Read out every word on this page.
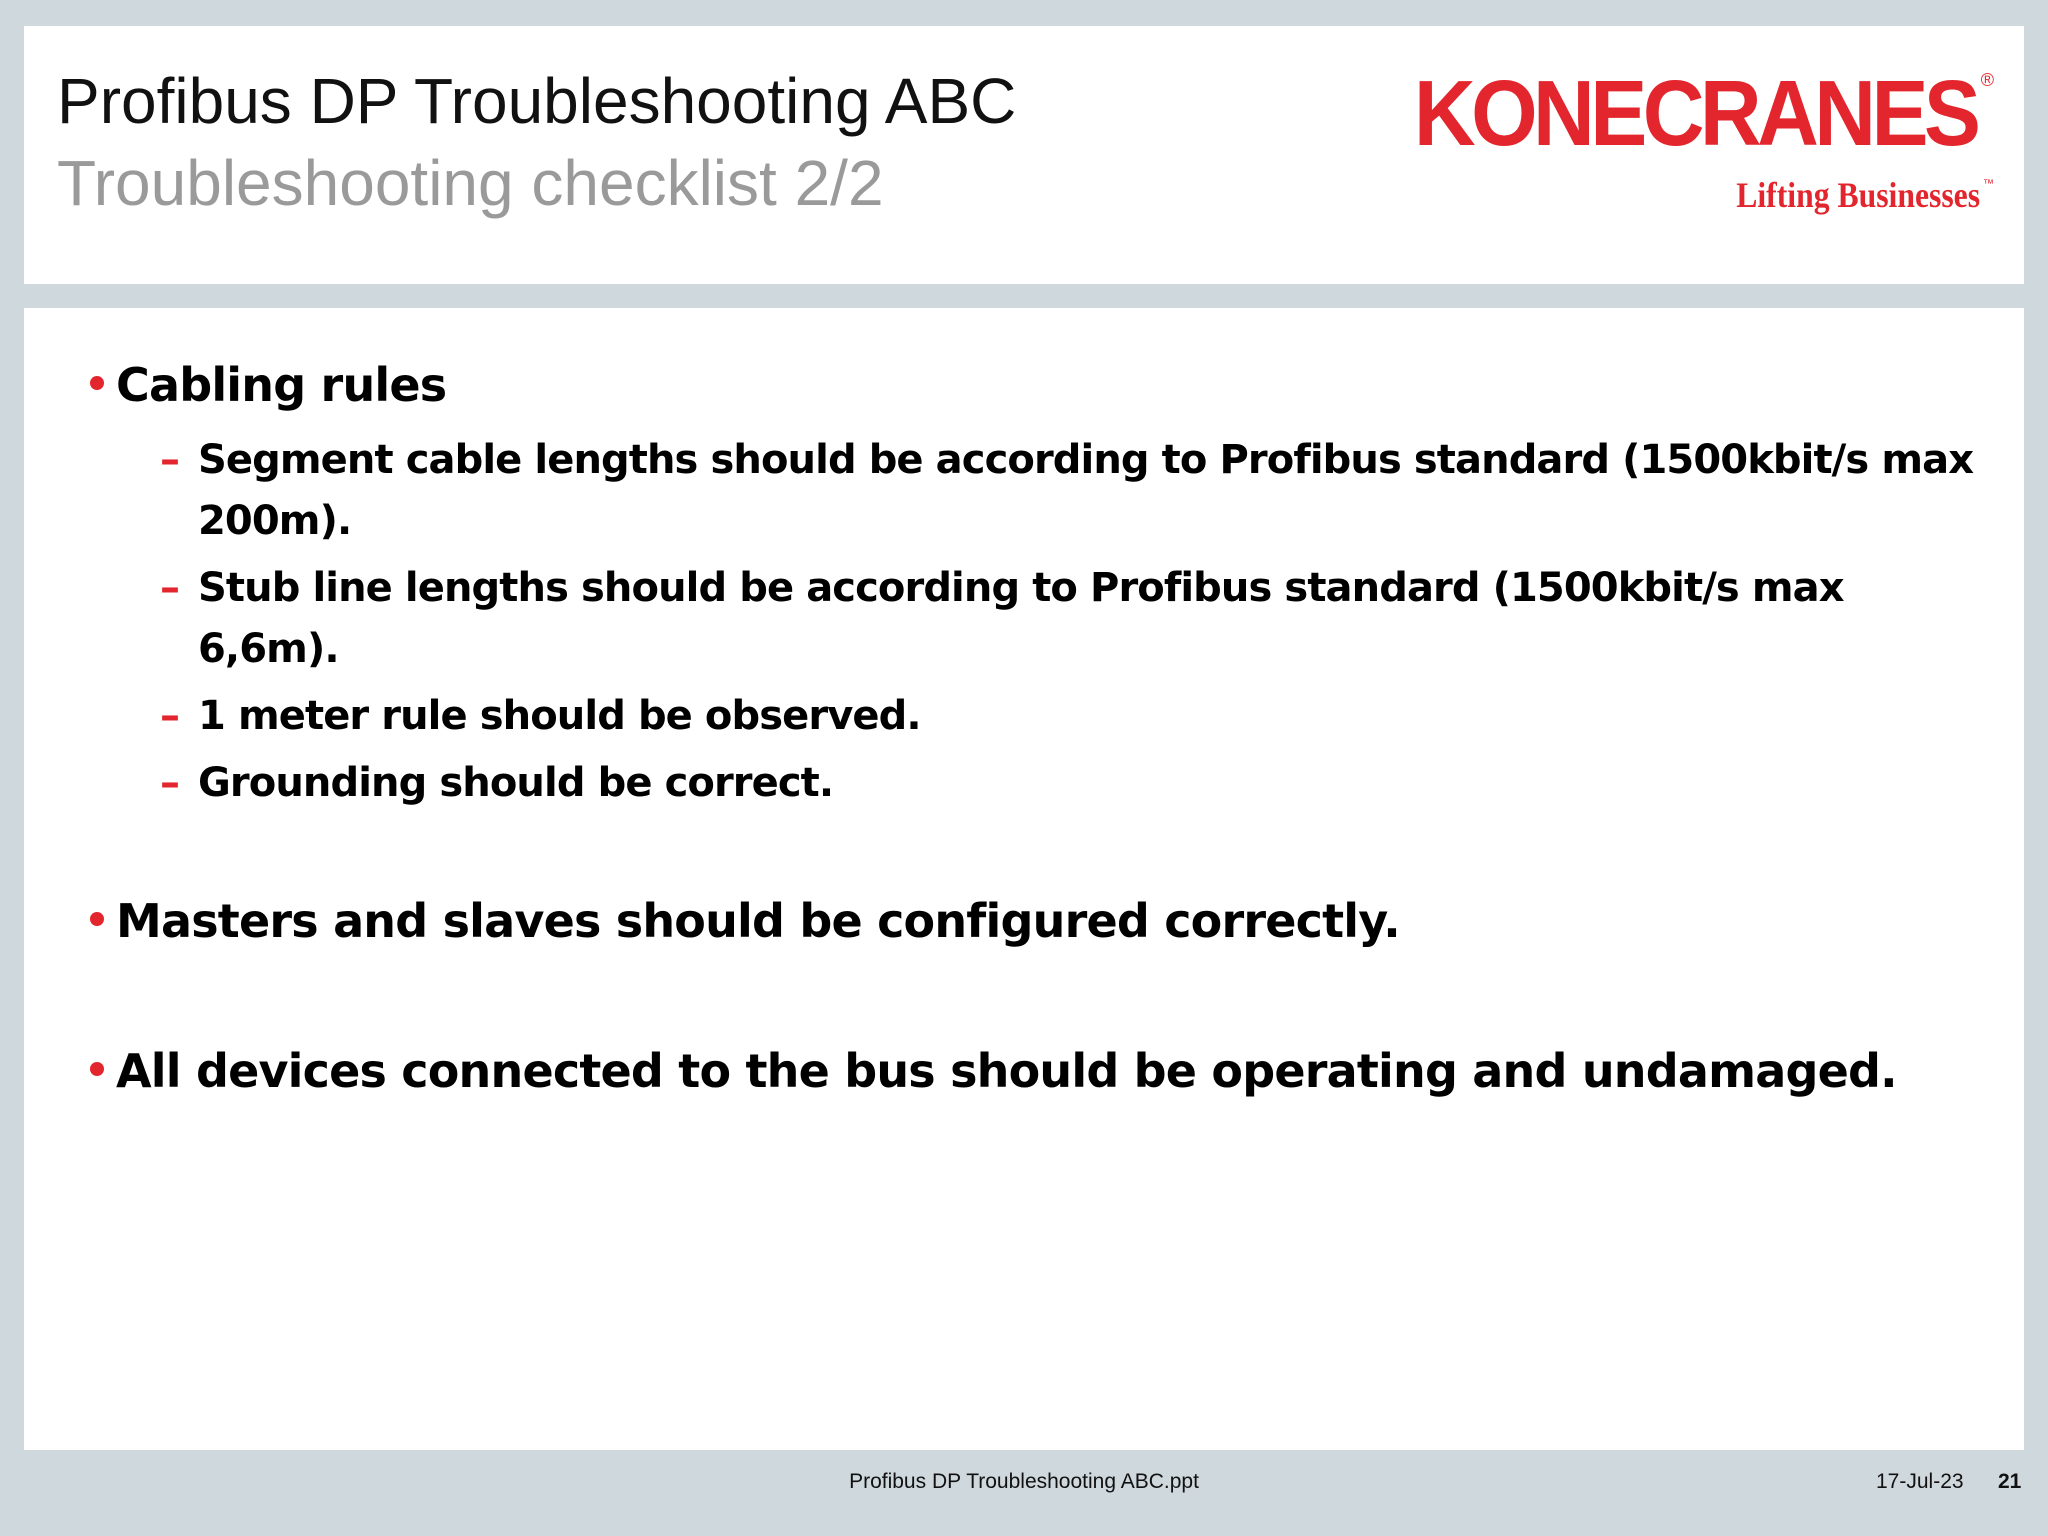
Profibus DP Troubleshooting ABC
Troubleshooting checklist 2/2
KONECRANES ®
Lifting Businesses ™
Cabling rules
– Segment cable lengths should be according to Profibus standard (1500kbit/s max 200m).
– Stub line lengths should be according to Profibus standard (1500kbit/s max 6,6m).
– 1 meter rule should be observed.
– Grounding should be correct.
Masters and slaves should be configured correctly.
All devices connected to the bus should be operating and undamaged.
Profibus DP Troubleshooting ABC.ppt	17-Jul-23 21
